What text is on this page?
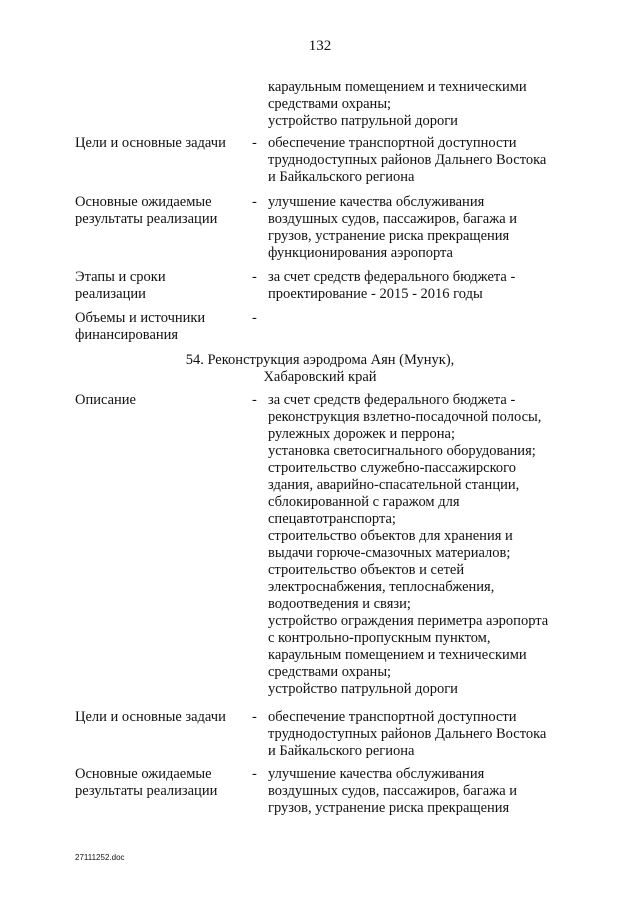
132
караульным помещением и техническими
средствами охраны;
устройство патрульной дороги
Цели и основные задачи - обеспечение транспортной доступности
труднодоступных районов Дальнего Востока
и Байкальского региона
Основные ожидаемые
результаты реализации
- улучшение качества обслуживания
воздушных судов, пассажиров, багажа и
грузов, устранение риска прекращения
функционирования аэропорта
Этапы и сроки
реализации
- за счет средств федерального бюджета -
проектирование - 2015 - 2016 годы
Объемы и источники
финансирования
-
54. Реконструкция аэродрома Аян (Мунук),
Хабаровский край
Описание	- за счет средств федерального бюджета -
реконструкция взлетно-посадочной полосы,
рулежных дорожек и перрона;
установка светосигнального оборудования;
строительство служебно-пассажирского
здания, аварийно-спасательной станции,
сблокированной с гаражом для
спецавтотранспорта;
строительство объектов для хранения и
выдачи горюче-смазочных материалов;
строительство объектов и сетей
электроснабжения, теплоснабжения,
водоотведения и связи;
устройство ограждения периметра аэропорта
с контрольно-пропускным пунктом,
караульным помещением и техническими
средствами охраны;
устройство патрульной дороги
Цели и основные задачи - обеспечение транспортной доступности
труднодоступных районов Дальнего Востока
и Байкальского региона
Основные ожидаемые
результаты реализации
- улучшение качества обслуживания
воздушных судов, пассажиров, багажа и
грузов, устранение риска прекращения
27111252.doc
